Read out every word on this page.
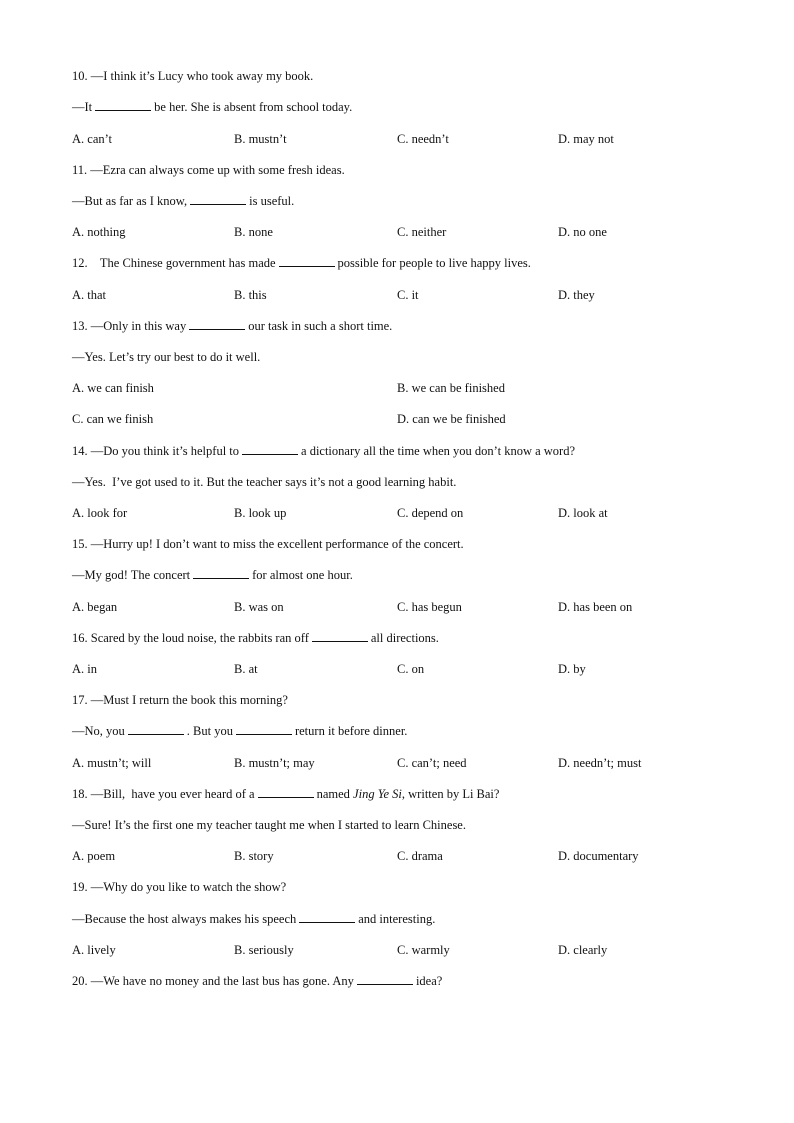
10. —I think it’s Lucy who took away my book.
—It	be her. She is absent from school today.
A. can’t	B. mustn’t	C. needn’t	D. may not
11. —Ezra can always come up with some fresh ideas.
—But as far as I know,	is useful.
A. nothing	B. none	C. neither	D. no one
12.    The Chinese government has made	possible for people to live happy lives.
A. that	B. this	C. it	D. they
13. —Only in this way	our task in such a short time.
—Yes. Let’s try our best to do it well.
A. we can finish	B. we can be finished
C. can we finish	D. can we be finished
14. —Do you think it’s helpful to	a dictionary all the time when you don’t know a word?
—Yes.  I’ve got used to it. But the teacher says it’s not a good learning habit.
A. look for	B. look up	C. depend on	D. look at
15. —Hurry up! I don’t want to miss the excellent performance of the concert.
—My god! The concert	for almost one hour.
A. began	B. was on	C. has begun	D. has been on
16. Scared by the loud noise, the rabbits ran off	all directions.
A. in	B. at	C. on	D. by
17. —Must I return the book this morning?
—No, you	. But you	return it before dinner.
A. mustn’t; will	B. mustn’t; may	C. can’t; need	D. needn’t; must
18. —Bill,  have you ever heard of a	named Jing Ye Si, written by Li Bai?
—Sure! It’s the first one my teacher taught me when I started to learn Chinese.
A. poem	B. story	C. drama	D. documentary
19. —Why do you like to watch the show?
—Because the host always makes his speech	and interesting.
A. lively	B. seriously	C. warmly	D. clearly
20. —We have no money and the last bus has gone. Any	idea?
